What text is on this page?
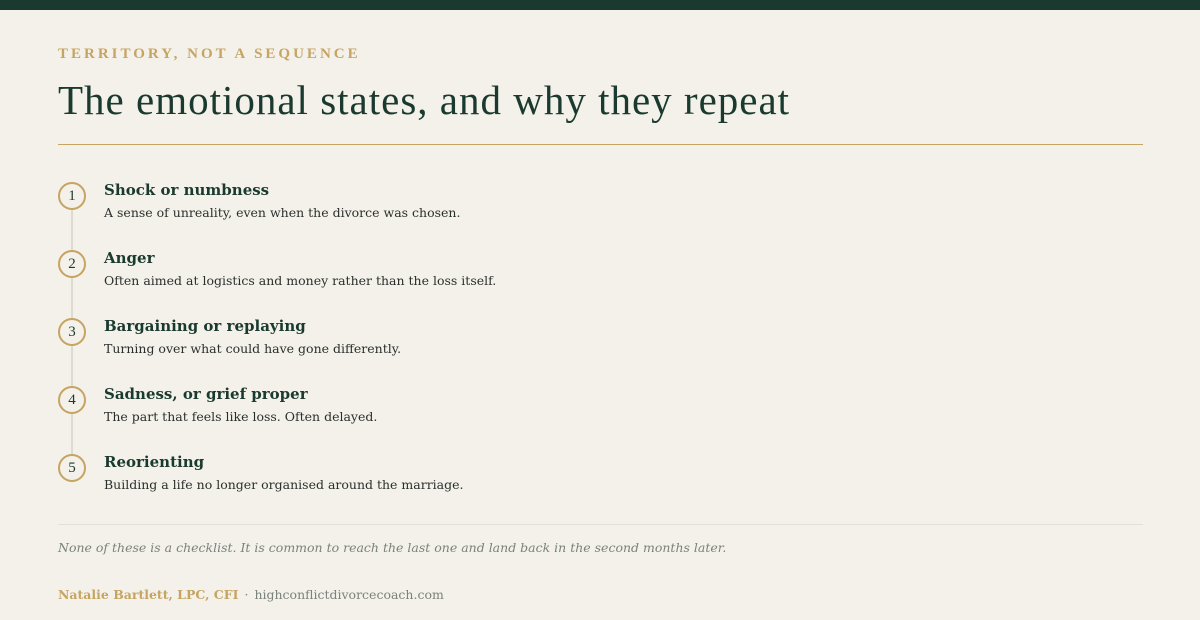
TERRITORY, NOT A SEQUENCE
The emotional states, and why they repeat
1	Shock or numbness
A sense of unreality, even when the divorce was chosen.
2	Anger
Often aimed at logistics and money rather than the loss itself.
3	Bargaining or replaying
Turning over what could have gone differently.
4	Sadness, or grief proper
The part that feels like loss. Often delayed.
5	Reorienting
Building a life no longer organised around the marriage.
None of these is a checklist. It is common to reach the last one and land back in the second months later.
Natalie Bartlett, LPC, CFI · highconflictdivorcecoach.com
